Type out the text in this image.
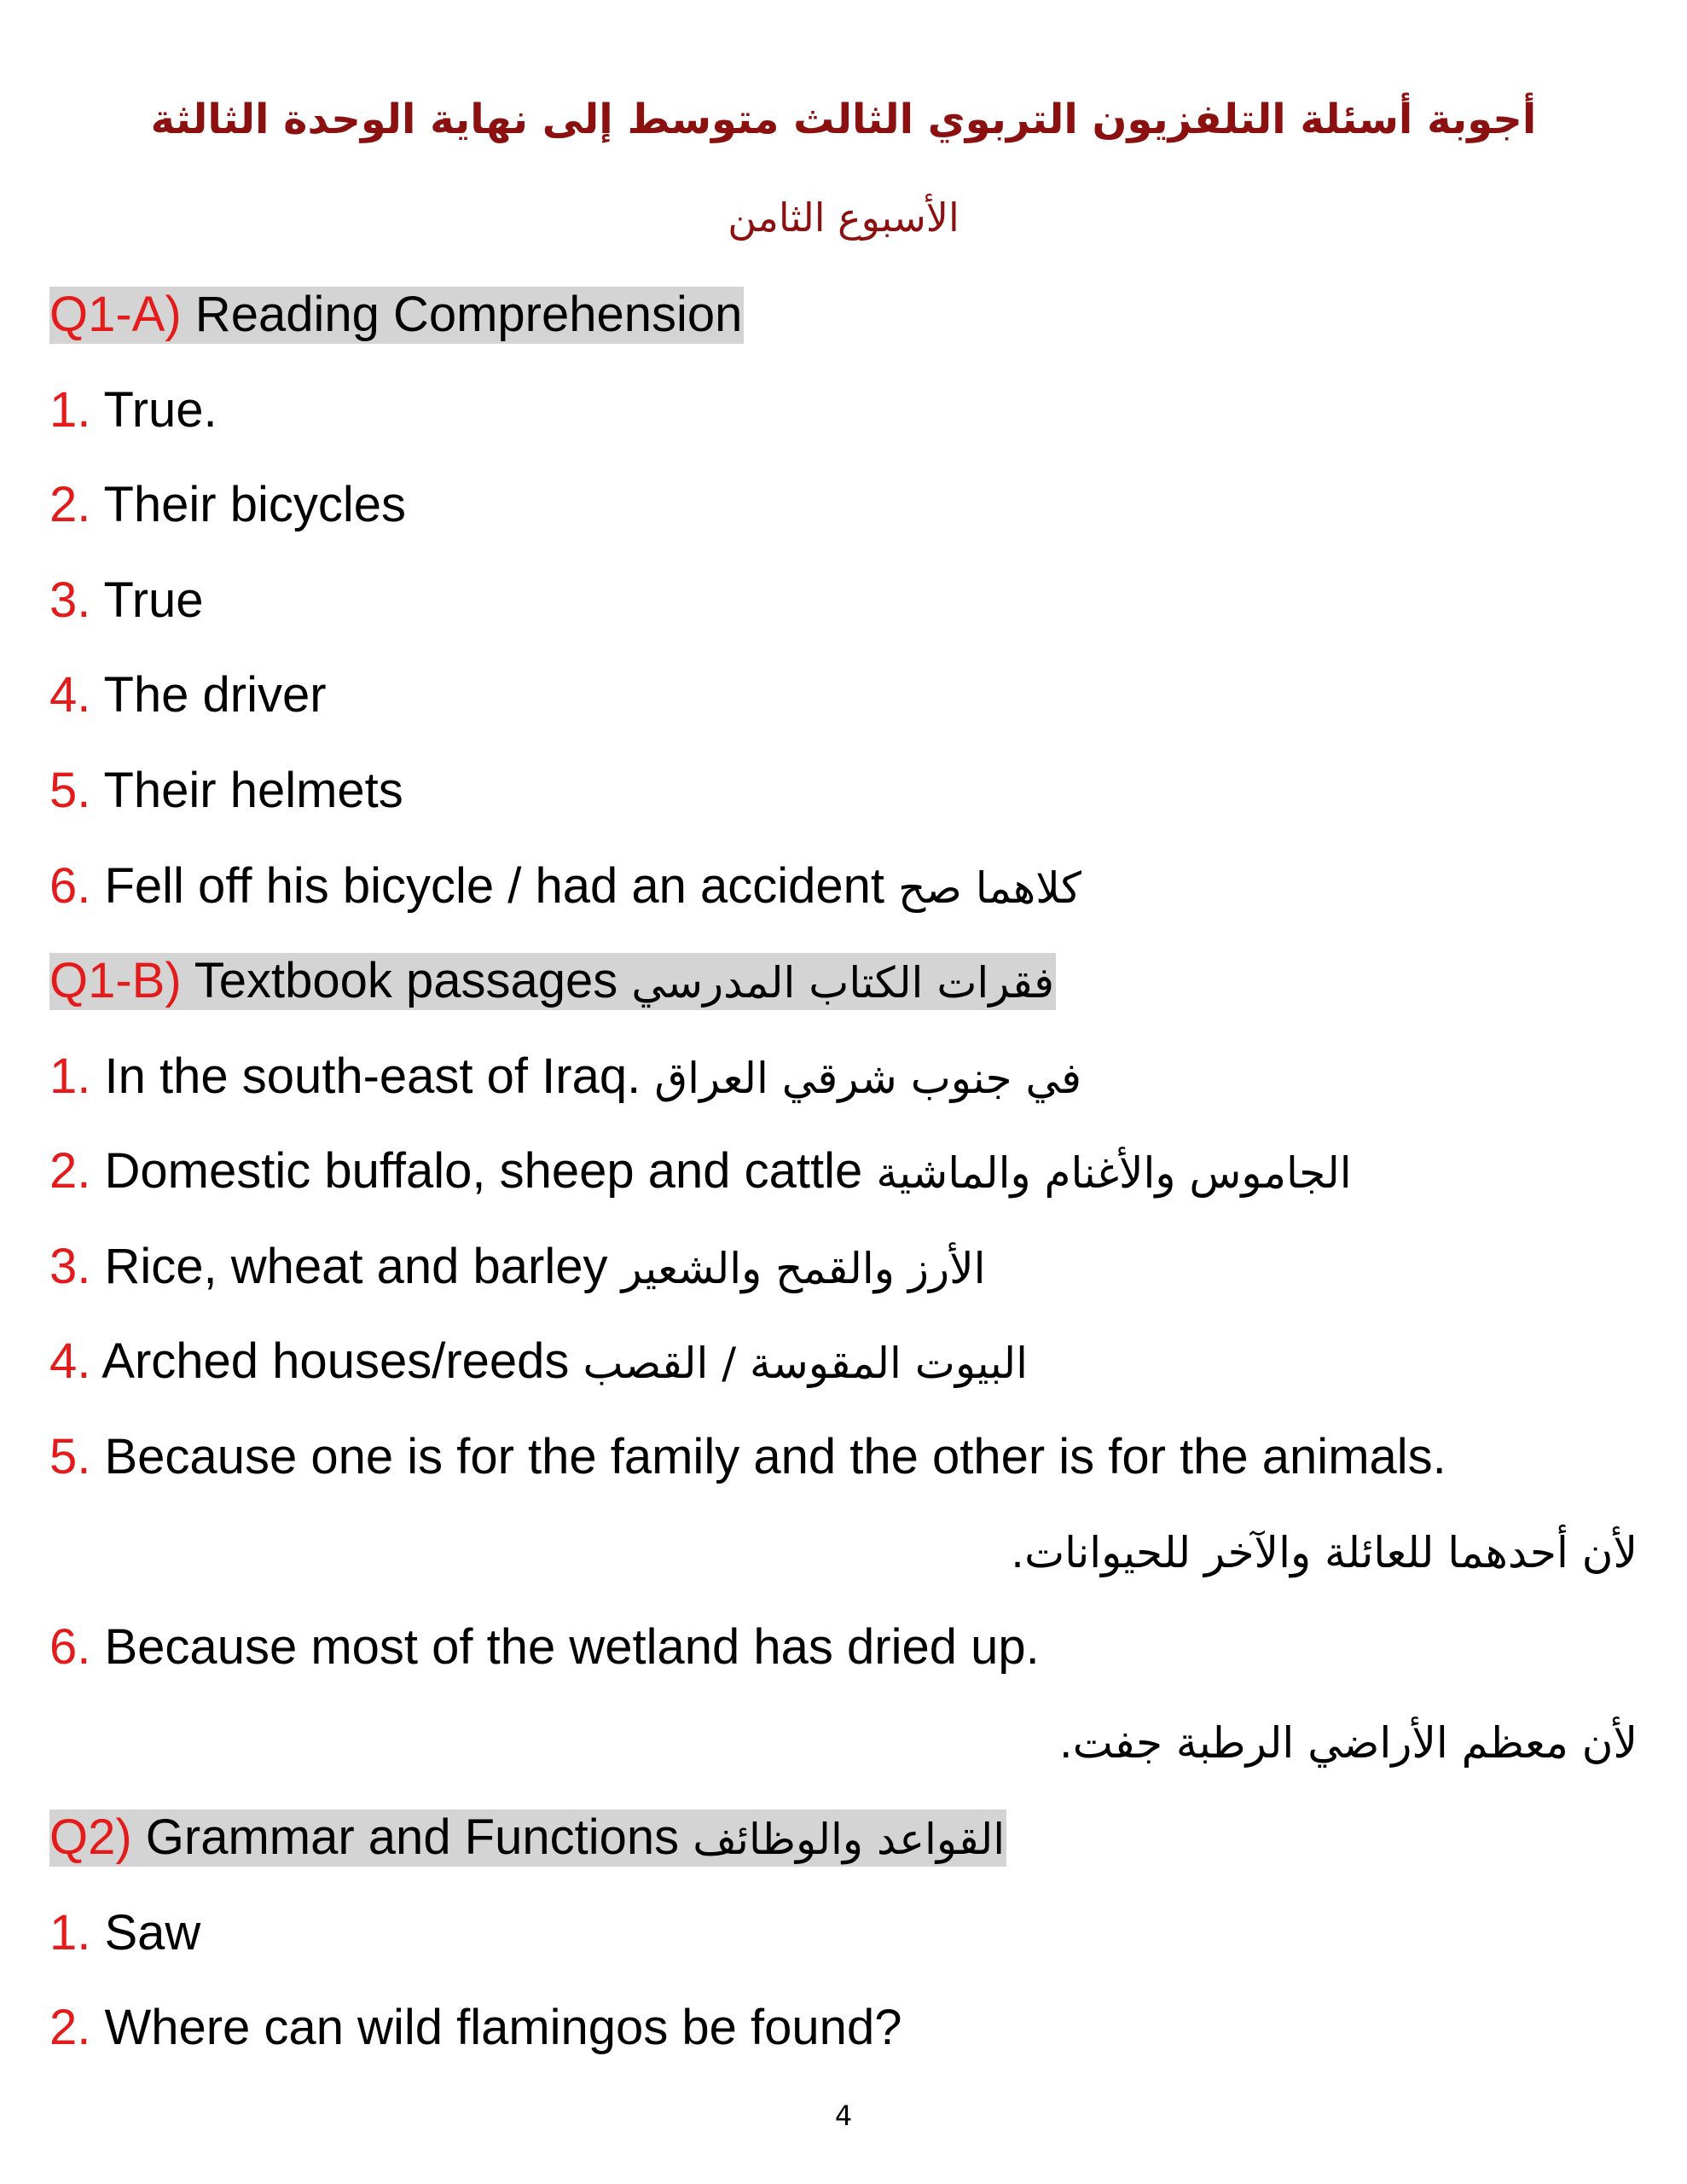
أجوبة أسئلة التلفزيون التربوي الثالث متوسط إلى نهاية الوحدة الثالثة
الأسبوع الثامن
Q1-A) Reading Comprehension
1. True.
2. Their bicycles
3. True
4. The driver
5. Their helmets
6. Fell off his bicycle / had an accident كلاهما صح
Q1-B) Textbook passages فقرات الكتاب المدرسي
1. In the south-east of Iraq. في جنوب شرقي العراق
2. Domestic buffalo, sheep and cattle الجاموس والأغنام والماشية
3. Rice, wheat and barley الأرز والقمح والشعير
4. Arched houses/reeds البيوت المقوسة / القصب
5. Because one is for the family and the other is for the animals.
لأن أحدهما للعائلة والآخر للحيوانات.
6. Because most of the wetland has dried up.
لأن معظم الأراضي الرطبة جفت.
Q2) Grammar and Functions القواعد والوظائف
1. Saw
2. Where can wild flamingos be found?
4
